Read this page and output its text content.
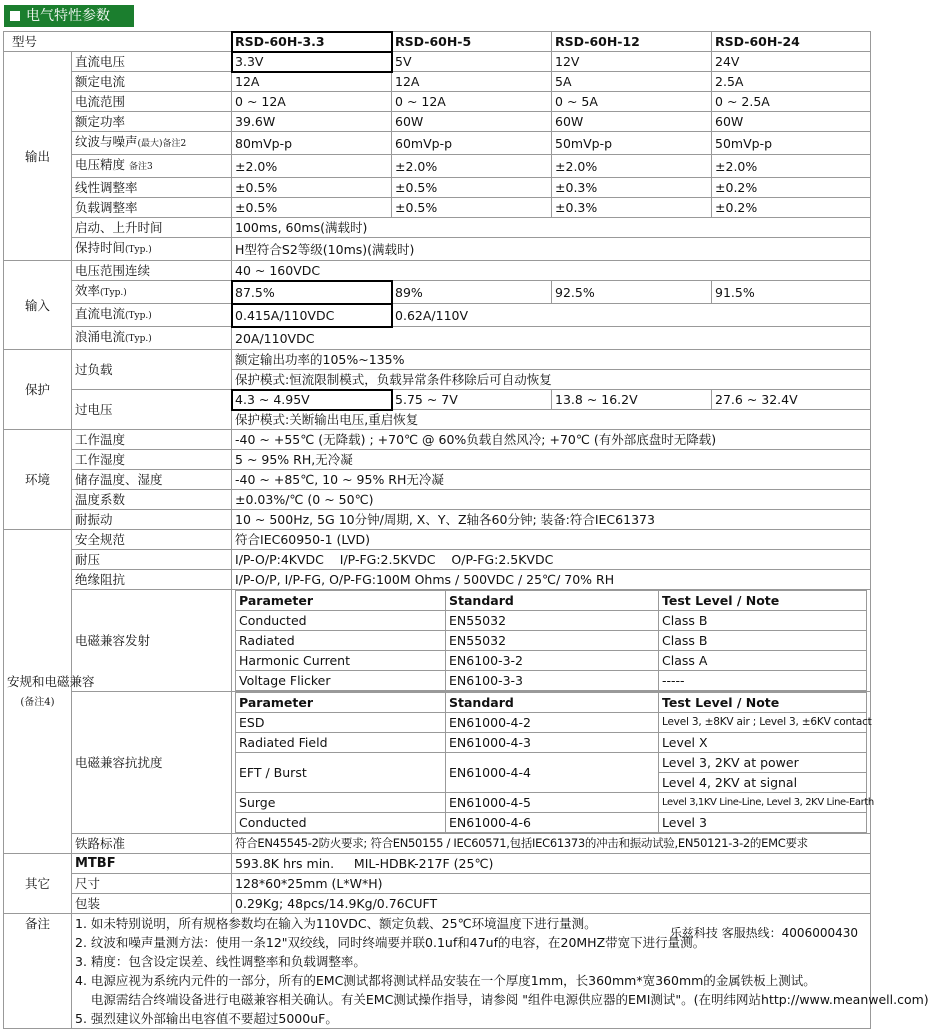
电气特性参数
型号	RSD-60H-3.3	RSD-60H-5	RSD-60H-12	RSD-60H-24
输出	直流电压	3.3V	5V	12V	24V
额定电流	12A	12A	5A	2.5A
电流范围	0 ~ 12A	0 ~ 12A	0 ~ 5A	0 ~ 2.5A
额定功率	39.6W	60W	60W	60W
纹波与噪声(最大)备注2	80mVp-p	60mVp-p	50mVp-p	50mVp-p
电压精度 备注3	±2.0%	±2.0%	±2.0%	±2.0%
线性调整率	±0.5%	±0.5%	±0.3%	±0.2%
负载调整率	±0.5%	±0.5%	±0.3%	±0.2%
启动、上升时间	100ms, 60ms(满载时)
保持时间(Typ.)	H型符合S2等级(10ms)(满载时)
输入	电压范围连续	40 ~ 160VDC
效率(Typ.)	87.5%	89%	92.5%	91.5%
直流电流(Typ.)	0.415A/110VDC	0.62A/110V
浪涌电流(Typ.)	20A/110VDC
保护	过负载	额定输出功率的105%~135%
保护模式:恒流限制模式，负载异常条件移除后可自动恢复
过电压	4.3 ~ 4.95V	5.75 ~ 7V	13.8 ~ 16.2V	27.6 ~ 32.4V
保护模式:关断输出电压,重启恢复
环境	工作温度	-40 ~ +55℃ (无降载) ; +70℃ @ 60%负载自然风冷; +70℃ (有外部底盘时无降载)
工作湿度	5 ~ 95% RH,无冷凝
储存温度、湿度	-40 ~ +85℃, 10 ~ 95% RH无冷凝
温度系数	±0.03%/℃ (0 ~ 50℃)
耐振动	10 ~ 500Hz, 5G 10分钟/周期, X、Y、Z轴各60分钟; 装备:符合IEC61373
安规和电磁兼容
(备注4)	安全规范	符合IEC60950-1 (LVD)
耐压	I/P-O/P:4KVDC    I/P-FG:2.5KVDC    O/P-FG:2.5KVDC
绝缘阻抗	I/P-O/P, I/P-FG, O/P-FG:100M Ohms / 500VDC / 25℃/ 70% RH
电磁兼容发射	
Parameter	Standard	Test Level / Note
Conducted	EN55032	Class B
Radiated	EN55032	Class B
Harmonic Current	EN6100-3-2	Class A
Voltage Flicker	EN6100-3-3	-----

电磁兼容抗扰度	
Parameter	Standard	Test Level / Note
ESD	EN61000-4-2	Level 3, ±8KV air ; Level 3, ±6KV contact
Radiated Field	EN61000-4-3	Level X
EFT / Burst	EN61000-4-4	Level 3, 2KV at power
Level 4, 2KV at signal
Surge	EN61000-4-5	Level 3,1KV Line-Line, Level 3, 2KV Line-Earth
Conducted	EN61000-4-6	Level 3

铁路标准	符合EN45545-2防火要求; 符合EN50155 / IEC60571,包括IEC61373的冲击和振动试验,EN50121-3-2的EMC要求
其它	MTBF	593.8K hrs min.     MIL-HDBK-217F (25℃)
尺寸	128*60*25mm (L*W*H)
包装	0.29Kg; 48pcs/14.9Kg/0.76CUFT
备注	1. 如未特别说明，所有规格参数均在输入为110VDC、额定负载、25℃环境温度下进行量测。
2. 纹波和噪声量测方法：使用一条12"双绞线，同时终端要并联0.1uf和47uf的电容，在20MHZ带宽下进行量测。
3. 精度：包含设定误差、线性调整率和负载调整率。
4. 电源应视为系统内元件的一部分，所有的EMC测试都将测试样品安装在一个厚度1mm，长360mm*宽360mm的金属铁板上测试。
电源需结合终端设备进行电磁兼容相关确认。有关EMC测试操作指导，请参阅 "组件电源供应器的EMI测试"。(在明纬网站http://www.meanwell.com)
5. 强烈建议外部输出电容值不要超过5000uF。
乐兹科技 客服热线：4006000430
